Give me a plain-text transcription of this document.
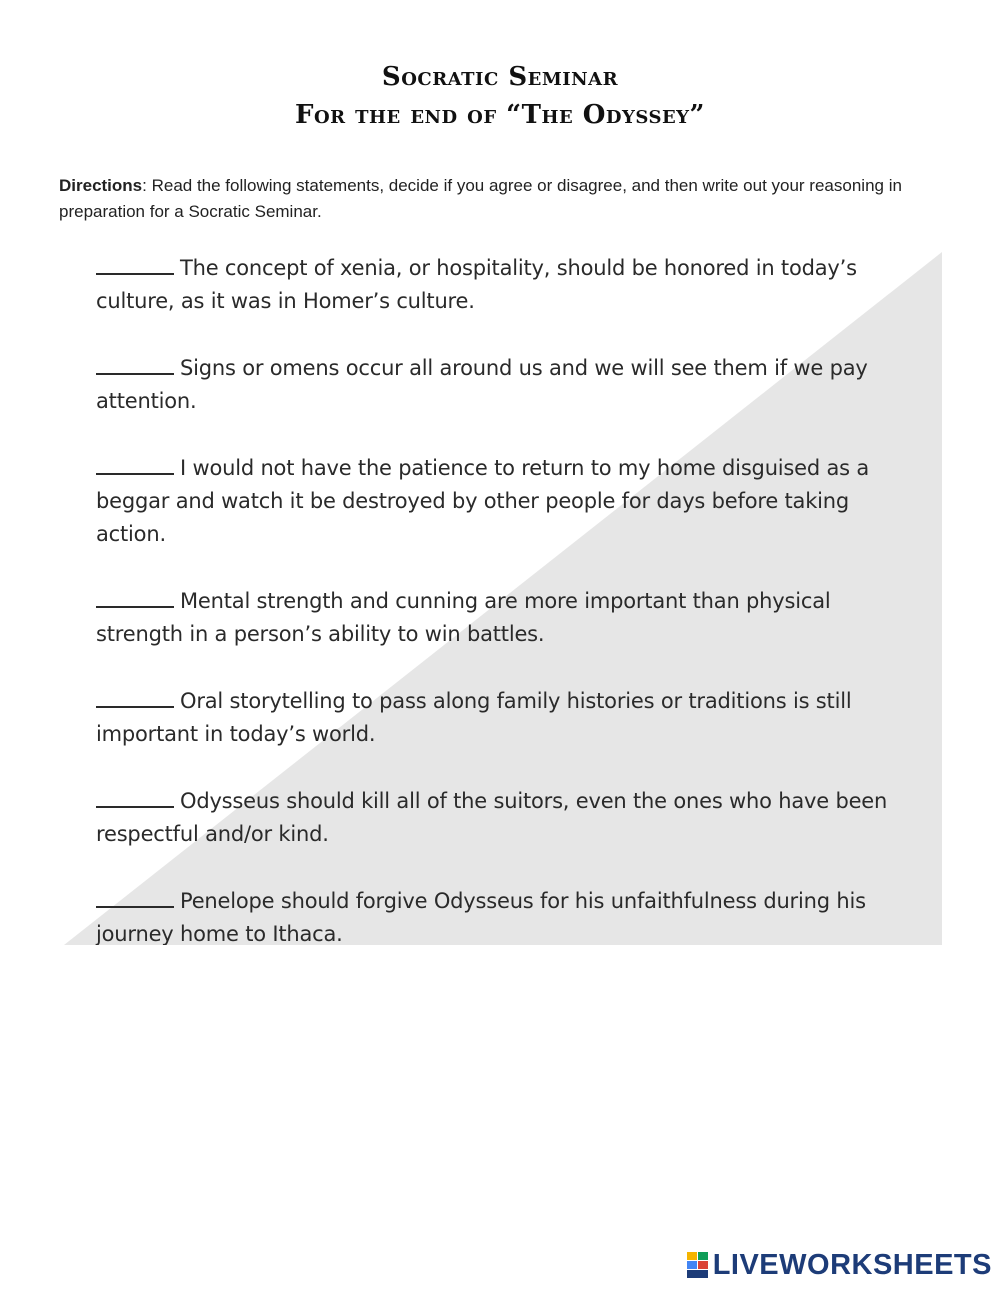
Socratic Seminar
For the end of “The Odyssey”
Directions: Read the following statements, decide if you agree or disagree, and then write out your reasoning in preparation for a Socratic Seminar.

The concept of xenia, or hospitality, should be honored in today’s culture, as it was in Homer’s culture.

Signs or omens occur all around us and we will see them if we pay attention.

I would not have the patience to return to my home disguised as a beggar and watch it be destroyed by other people for days before taking action.

Mental strength and cunning are more important than physical strength in a person’s ability to win battles.

Oral storytelling to pass along family histories or traditions is still important in today’s world.

Odysseus should kill all of the suitors, even the ones who have been respectful and/or kind.

Penelope should forgive Odysseus for his unfaithfulness during his journey home to Ithaca.

LIVEWORKSHEETS
